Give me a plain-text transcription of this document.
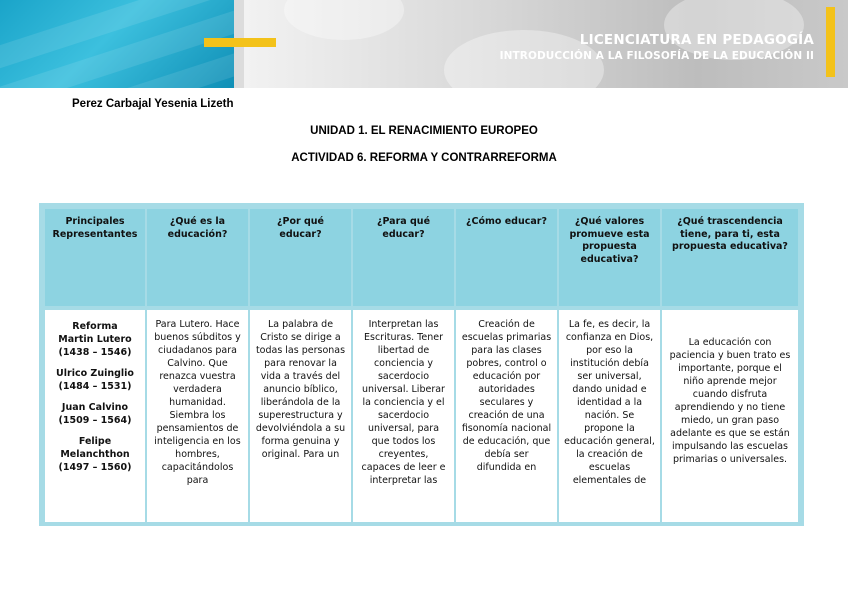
LICENCIATURA EN PEDAGOGÍA
INTRODUCCIÓN A LA FILOSOFÍA DE LA EDUCACIÓN II
Perez Carbajal Yesenia Lizeth
UNIDAD 1. EL RENACIMIENTO EUROPEO
ACTIVIDAD 6. REFORMA Y CONTRARREFORMA
Principales Representantes
¿Qué es la educación?
¿Por qué educar?
¿Para qué educar?
¿Cómo educar?	¿Qué valores promueve esta propuesta educativa?
¿Qué trascendencia tiene, para ti, esta propuesta educativa?

Reforma

Martin Lutero

(1438 – 1546)

Ulrico Zuinglio

(1484 – 1531)

Juan Calvino

(1509 – 1564)

Felipe Melanchthon

(1497 – 1560)

Para Lutero. Hace buenos súbditos y ciudadanos para Calvino. Que renazca vuestra verdadera humanidad. Siembra los pensamientos de inteligencia en los hombres, capacitándolos para
La palabra de Cristo se dirige a todas las personas para renovar la vida a través del anuncio bíblico, liberándola de la superestructura y devolviéndola a su forma genuina y original. Para un
Interpretan las Escrituras. Tener libertad de conciencia y sacerdocio universal. Liberar la conciencia y el sacerdocio universal, para que todos los creyentes, capaces de leer e interpretar las
Creación de escuelas primarias para las clases pobres, control o educación por autoridades seculares y creación de una fisonomía nacional de educación, que debía ser difundida en
La fe, es decir, la confianza en Dios, por eso la institución debía ser universal, dando unidad e identidad a la nación. Se propone la educación general, la creación de escuelas elementales de
La educación con paciencia y buen trato es importante, porque el niño aprende mejor cuando disfruta aprendiendo y no tiene miedo, un gran paso adelante es que se están impulsando las escuelas primarias o universales.
